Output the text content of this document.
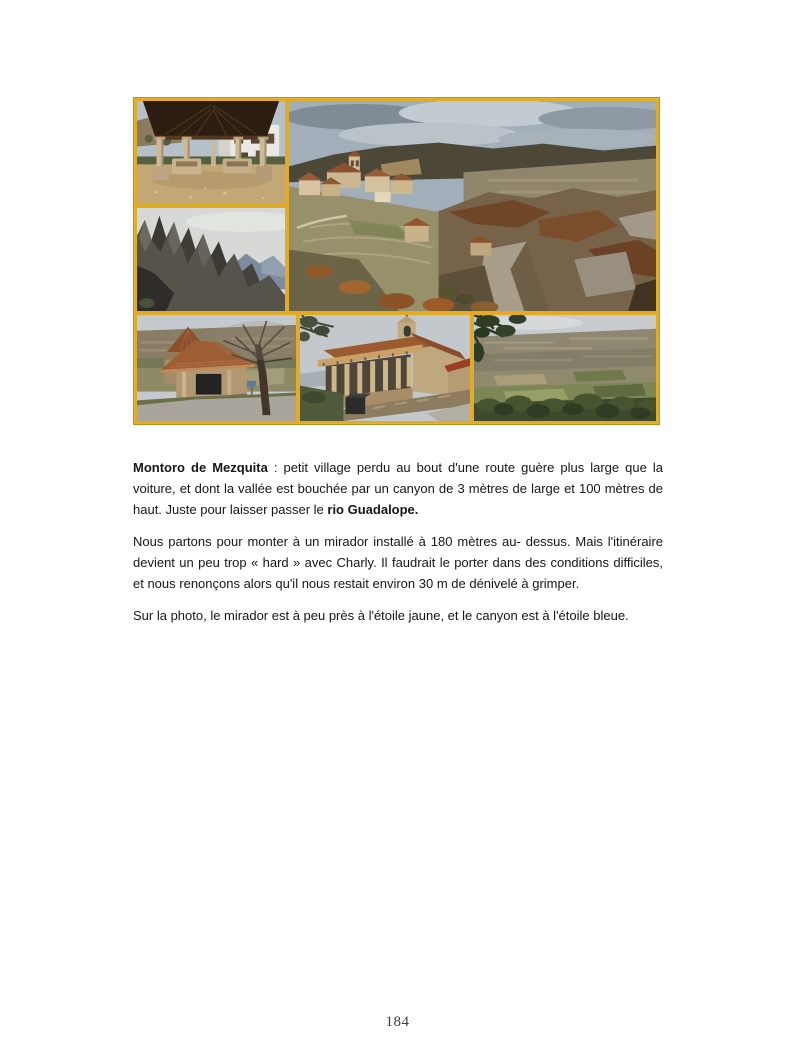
Montoro de Mezquita : petit village perdu au bout d'une route guère plus large que la voiture, et dont la vallée est bouchée par un canyon de 3 mètres de large et 100 mètres de haut. Juste pour laisser passer le rio Guadalope.

Nous partons pour monter à un mirador installé à 180 mètres au- dessus. Mais l'itinéraire devient un peu trop « hard » avec Charly. Il faudrait le porter dans des conditions difficiles, et nous renonçons alors qu'il nous restait environ 30 m de dénivelé à grimper.

Sur la photo, le mirador est à peu près à l'étoile jaune, et le canyon est à l'étoile bleue.

184
